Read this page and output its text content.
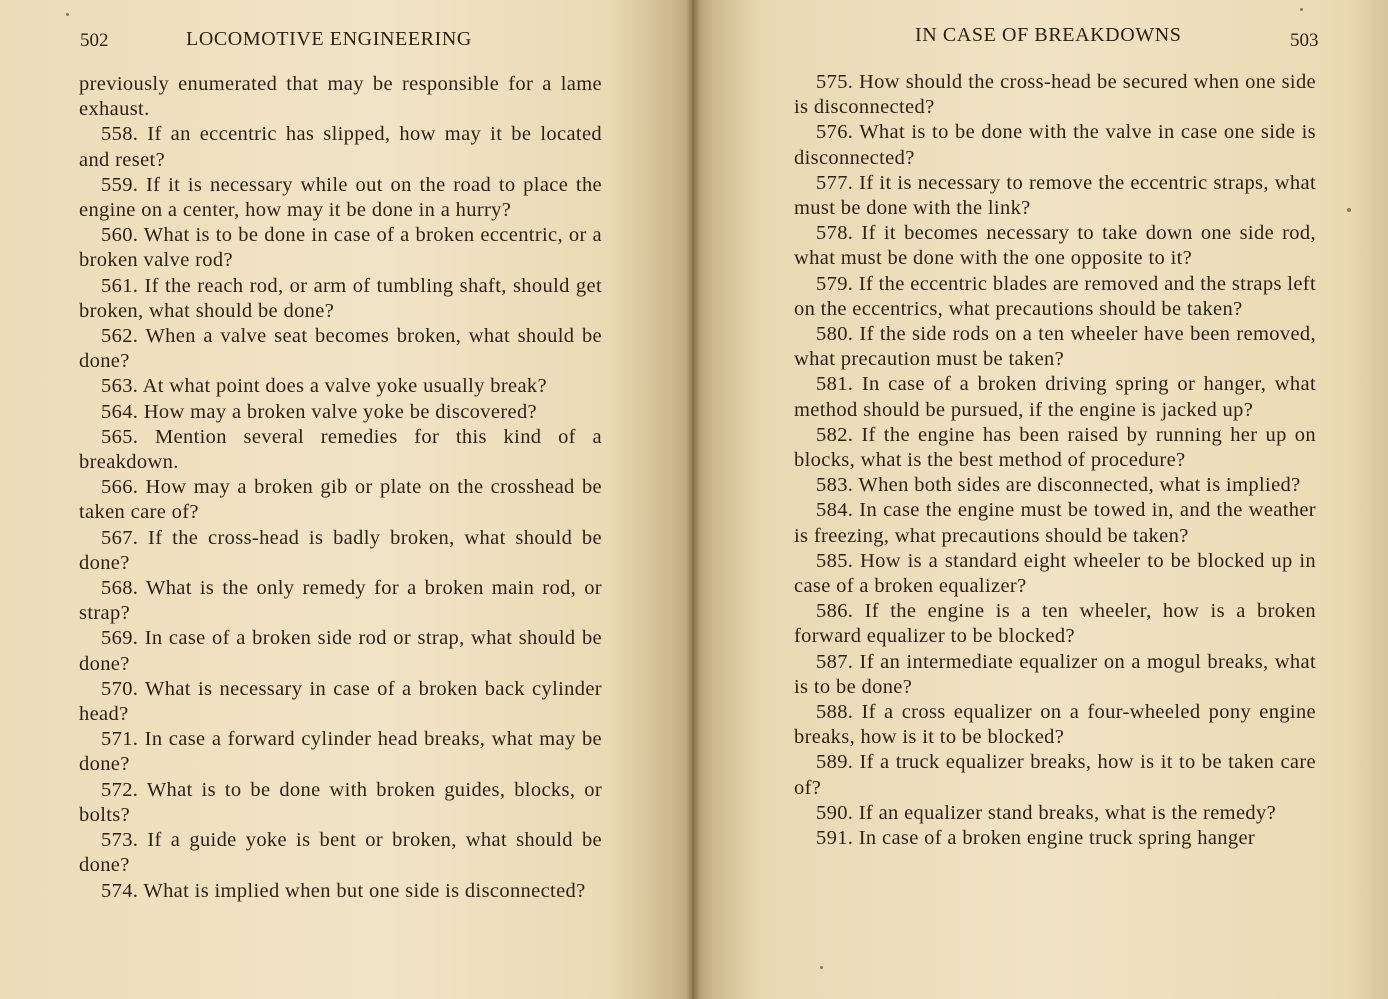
502	LOCOMOTIVE ENGINEERING

previously enumerated that may be responsible for a lame exhaust.

558. If an eccentric has slipped, how may it be located and reset?

559. If it is necessary while out on the road to place the engine on a center, how may it be done in a hurry?

560. What is to be done in case of a broken eccentric, or a broken valve rod?

561. If the reach rod, or arm of tumbling shaft, should get broken, what should be done?

562. When a valve seat becomes broken, what should be done?

563. At what point does a valve yoke usually break?

564. How may a broken valve yoke be discovered?

565. Mention several remedies for this kind of a breakdown.

566. How may a broken gib or plate on the crosshead be taken care of?

567. If the cross-head is badly broken, what should be done?

568. What is the only remedy for a broken main rod, or strap?

569. In case of a broken side rod or strap, what should be done?

570. What is necessary in case of a broken back cylinder head?

571. In case a forward cylinder head breaks, what may be done?

572. What is to be done with broken guides, blocks, or bolts?

573. If a guide yoke is bent or broken, what should be done?

574. What is implied when but one side is disconnected?

IN CASE OF BREAKDOWNS	503

575. How should the cross-head be secured when one side is disconnected?

576. What is to be done with the valve in case one side is disconnected?

577. If it is necessary to remove the eccentric straps, what must be done with the link?

578. If it becomes necessary to take down one side rod, what must be done with the one opposite to it?

579. If the eccentric blades are removed and the straps left on the eccentrics, what precautions should be taken?

580. If the side rods on a ten wheeler have been removed, what precaution must be taken?

581. In case of a broken driving spring or hanger, what method should be pursued, if the engine is jacked up?

582. If the engine has been raised by running her up on blocks, what is the best method of procedure?

583. When both sides are disconnected, what is implied?

584. In case the engine must be towed in, and the weather is freezing, what precautions should be taken?

585. How is a standard eight wheeler to be blocked up in case of a broken equalizer?

586. If the engine is a ten wheeler, how is a broken forward equalizer to be blocked?

587. If an intermediate equalizer on a mogul breaks, what is to be done?

588. If a cross equalizer on a four-wheeled pony engine breaks, how is it to be blocked?

589. If a truck equalizer breaks, how is it to be taken care of?

590. If an equalizer stand breaks, what is the remedy?

591. In case of a broken engine truck spring hanger
